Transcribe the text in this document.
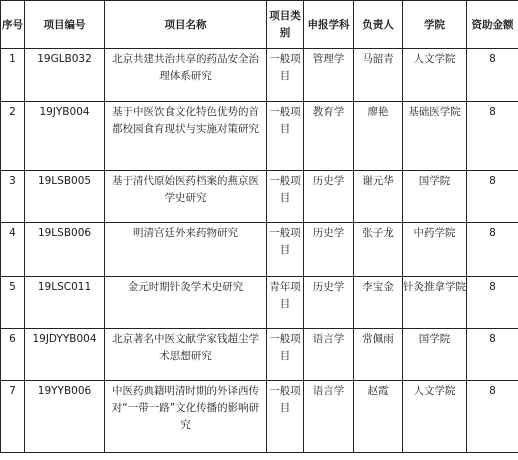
序号	项目编号	项目名称	项目类别	申报学科	负责人	学院	资助金额
1	19GLB032	北京共建共治共享的药品安全治理体系研究	一般项目	管理学	马韶青	人文学院	8
2	19JYB004	基于中医饮食文化特色优势的首都校园食育现状与实施对策研究	一般项目	教育学	廖艳	基础医学院	8
3	19LSB005	基于清代原始医药档案的燕京医学史研究	一般项目	历史学	谢元华	国学院	8
4	19LSB006	明清宫廷外来药物研究	一般项目	历史学	张子龙	中药学院	8
5	19LSC011	金元时期针灸学术史研究	青年项目	历史学	李宝金	针灸推拿学院	8
6	19JDYYB004	北京著名中医文献学家钱超尘学术思想研究	一般项目	语言学	常佩雨	国学院	8
7	19YYB006	中医药典籍明清时期的外译西传对“一带一路”文化传播的影响研究	一般项目	语言学	赵霞	人文学院	8
